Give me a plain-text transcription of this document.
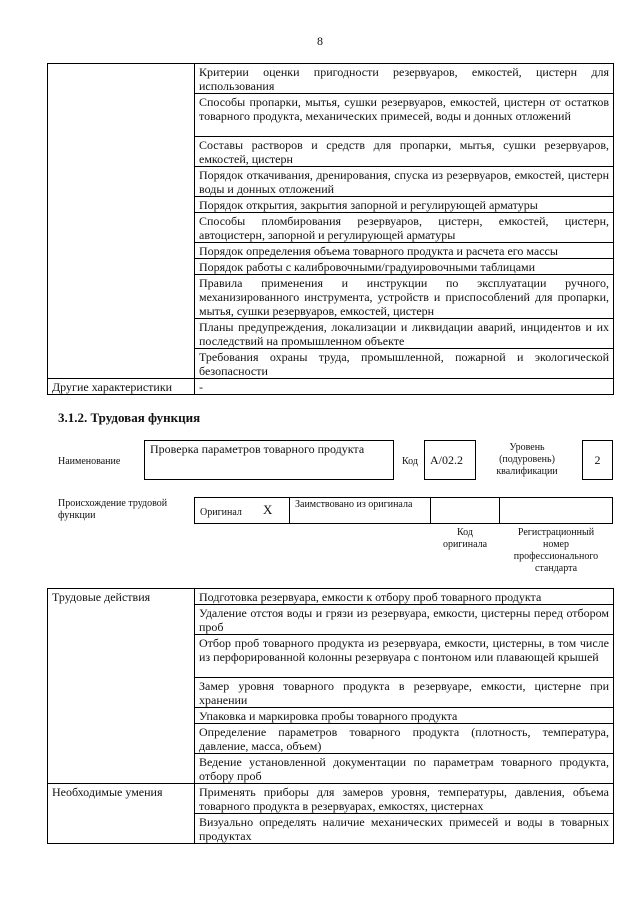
8
	Критерии оценки пригодности резервуаров, емкостей, цистерн для использования
	Способы пропарки, мытья, сушки резервуаров, емкостей, цистерн от остатков товарного продукта, механических примесей, воды и донных отложений
	Составы растворов и средств для пропарки, мытья, сушки резервуаров, емкостей, цистерн
	Порядок откачивания, дренирования, спуска из резервуаров, емкостей, цистерн воды и донных отложений
	Порядок открытия, закрытия запорной и регулирующей арматуры
	Способы пломбирования резервуаров, цистерн, емкостей, цистерн, автоцистерн, запорной и регулирующей арматуры
	Порядок определения объема товарного продукта и расчета его массы
	Порядок работы с калибровочными/градуировочными таблицами
	Правила применения и инструкции по эксплуатации ручного, механизированного инструмента, устройств и приспособлений для пропарки, мытья, сушки резервуаров, емкостей, цистерн
	Планы предупреждения, локализации и ликвидации аварий, инцидентов и их последствий на промышленном объекте
	Требования охраны труда, промышленной, пожарной и экологической безопасности
Другие характеристики	-
3.1.2. Трудовая функция
Наименование
Проверка параметров товарного продукта
Код	А/02.2
Уровень (подуровень) квалификации
2
Происхождение трудовой функции	Оригинал X	Заимствовано из оригинала
Код оригинала
Регистрационный номер профессионального стандарта
Трудовые действия	Подготовка резервуара, емкости к отбору проб товарного продукта
	Удаление отстоя воды и грязи из резервуара, емкости, цистерны перед отбором проб
	Отбор проб товарного продукта из резервуара, емкости, цистерны, в том числе из перфорированной колонны резервуара с понтоном или плавающей крышей
	Замер уровня товарного продукта в резервуаре, емкости, цистерне при хранении
	Упаковка и маркировка пробы товарного продукта
	Определение параметров товарного продукта (плотность, температура, давление, масса, объем)
	Ведение установленной документации по параметрам товарного продукта, отбору проб
Необходимые умения	Применять приборы для замеров уровня, температуры, давления, объема товарного продукта в резервуарах, емкостях, цистернах
	Визуально определять наличие механических примесей и воды в товарных продуктах
